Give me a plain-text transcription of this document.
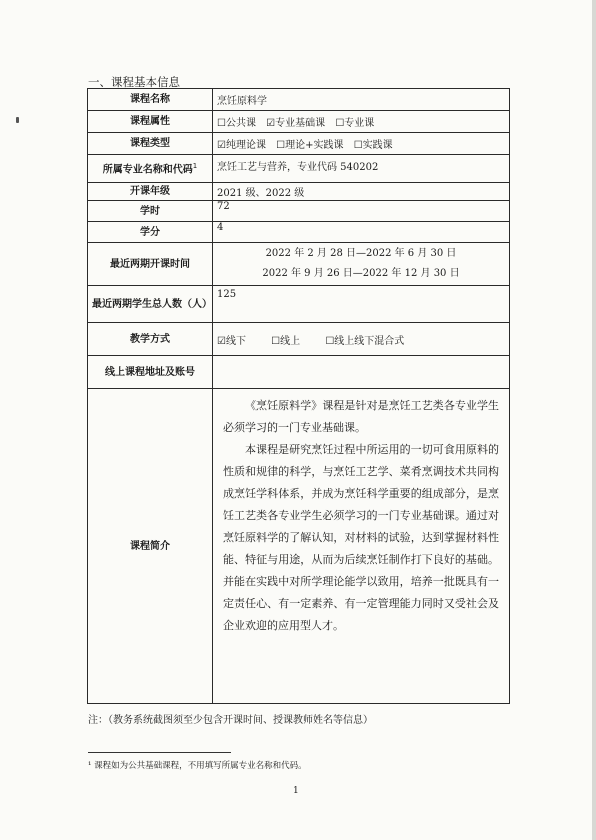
一、课程基本信息
课程名称	烹饪原料学
课程属性	☐公共课 ☑专业基础课 ☐专业课
课程类型	☑纯理论课 ☐理论+实践课 ☐实践课
所属专业名称和代码$^1$	烹饪工艺与营养，专业代码 540202
开课年级	2021 级、2022 级
学时	72
学分	4
最近两期开课时间	2022 年 2 月 28 日—2022 年 6 月 30 日
2022 年 9 月 26 日—2022 年 12 月 30 日

最近两期学生总人数（人）	125
教学方式	☑线下 ☐线上 ☐线上线下混合式
线上课程地址及账号	
课程简介	《烹饪原料学》课程是针对是烹饪工艺类各专业学生必须学习的一门专业基础课。

本课程是研究烹饪过程中所运用的一切可食用原料的性质和规律的科学，与烹饪工艺学、菜肴烹调技术共同构成烹饪学科体系，并成为烹饪科学重要的组成部分，是烹饪工艺类各专业学生必须学习的一门专业基础课。通过对烹饪原料学的了解认知，对材料的试验，达到掌握材料性能、特征与用途，从而为后续烹饪制作打下良好的基础。并能在实践中对所学理论能学以致用，培养一批既具有一定责任心、有一定素养、有一定管理能力同时又受社会及企业欢迎的应用型人才。

注：（教务系统截图须至少包含开课时间、授课教师姓名等信息）
¹ 课程如为公共基础课程，不用填写所属专业名称和代码。
1
